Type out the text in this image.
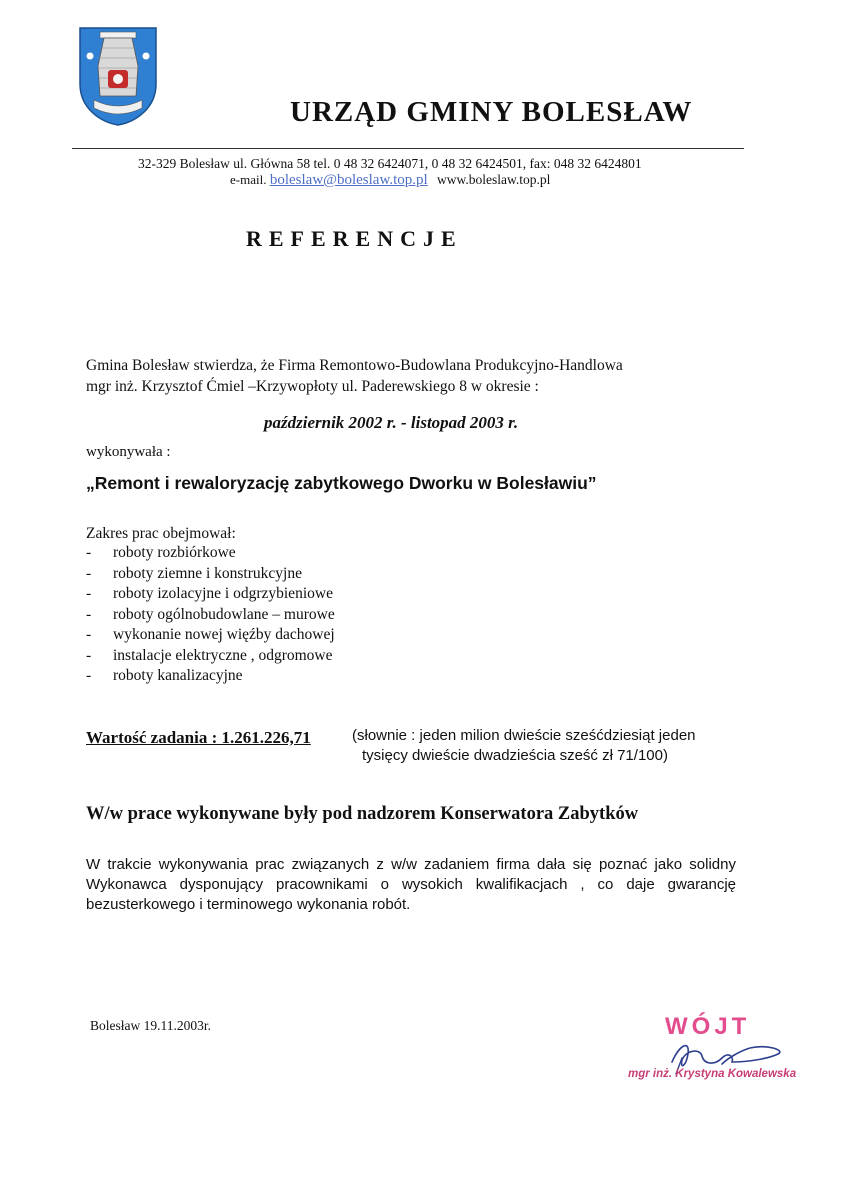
URZĄD GMINY BOLESŁAW
32-329 Bolesław ul. Główna 58 tel. 0 48 32 6424071, 0 48 32 6424501, fax: 048 32 6424801
e-mail. boleslaw@boleslaw.top.pl www.boleslaw.top.pl
REFERENCJE
Gmina Bolesław stwierdza, że Firma Remontowo-Budowlana Produkcyjno-Handlowa
mgr inż. Krzysztof Ćmiel –Krzywopłoty ul. Paderewskiego 8 w okresie :
październik 2002 r. - listopad 2003 r.
wykonywała :
„Remont i rewaloryzację zabytkowego Dworku w Bolesławiu”
Zakres prac obejmował:
-	roboty rozbiórkowe
-	roboty ziemne i konstrukcyjne
-	roboty izolacyjne i odgrzybieniowe
-	roboty ogólnobudowlane – murowe
-	wykonanie nowej więźby dachowej
-	instalacje elektryczne , odgromowe
-	roboty kanalizacyjne
Wartość zadania : 1.261.226,71	(słownie : jeden milion dwieście sześćdziesiąt jeden
tysięcy dwieście dwadzieścia sześć zł 71/100)
W/w prace wykonywane były pod nadzorem Konserwatora Zabytków
W trakcie wykonywania prac związanych z w/w zadaniem firma dała się poznać jako solidny Wykonawca dysponujący pracownikami o wysokich kwalifikacjach , co daje gwarancję bezusterkowego i terminowego wykonania robót.
Bolesław 19.11.2003r.	WÓJT
mgr inż. Krystyna Kowalewska
